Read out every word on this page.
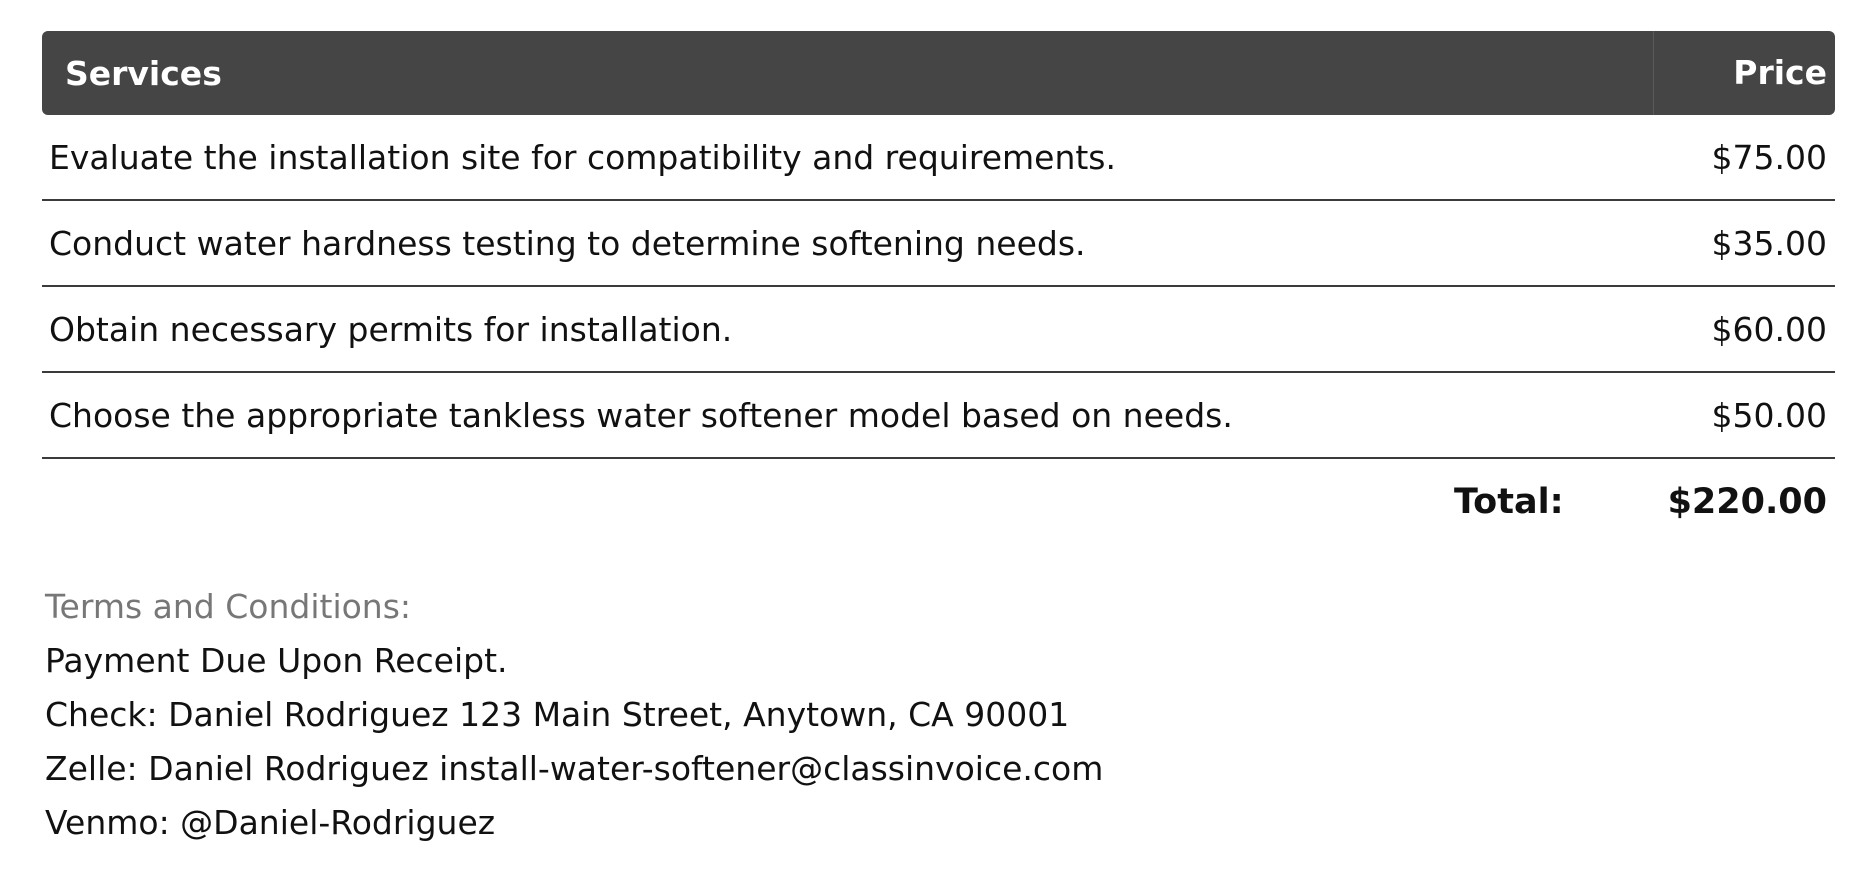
Services	Price
Evaluate the installation site for compatibility and requirements.	$75.00
Conduct water hardness testing to determine softening needs.	$35.00
Obtain necessary permits for installation.	$60.00
Choose the appropriate tankless water softener model based on needs.	$50.00
Total:	$220.00
Terms and Conditions:
Payment Due Upon Receipt.
Check: Daniel Rodriguez 123 Main Street, Anytown, CA 90001
Zelle: Daniel Rodriguez install-water-softener@classinvoice.com
Venmo: @Daniel-Rodriguez
